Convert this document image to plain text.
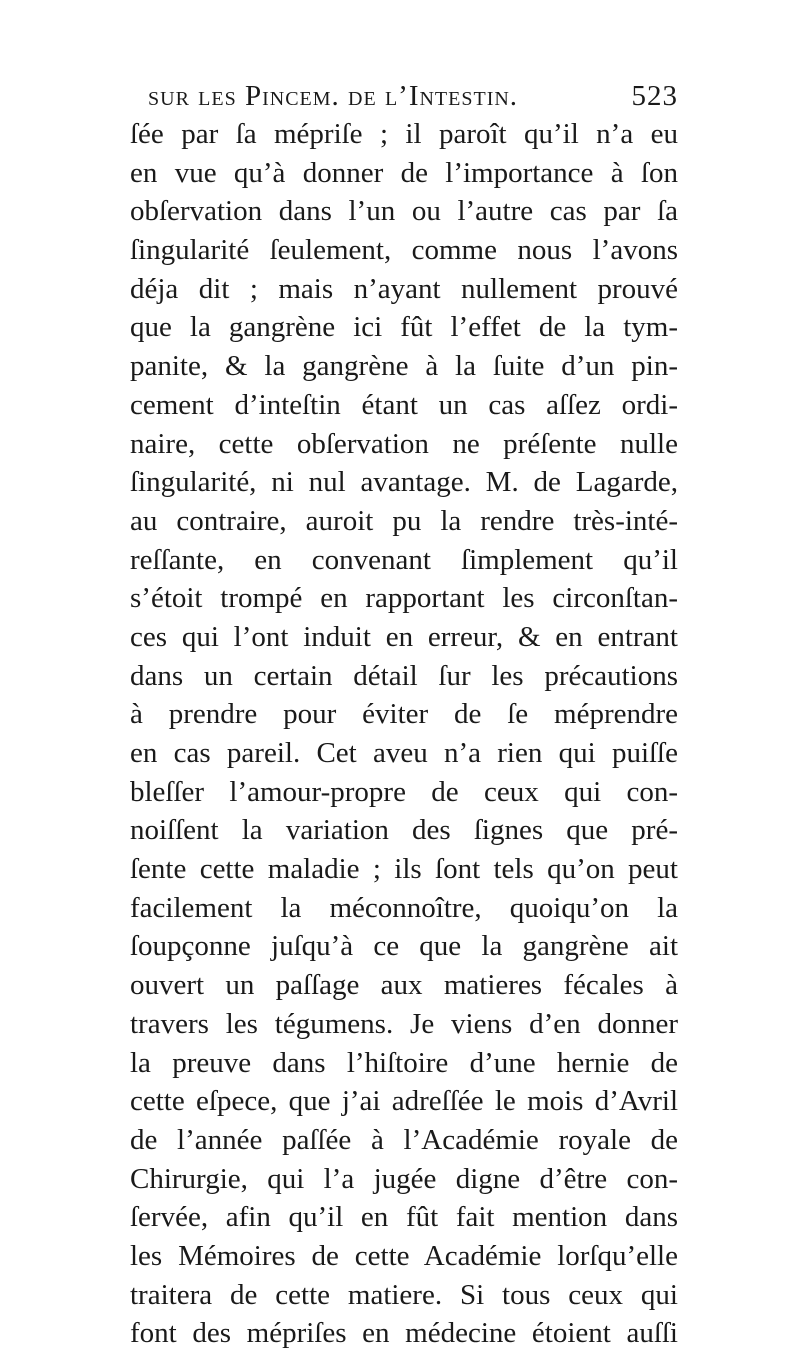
sur les Pincem. de l’Intestin.	523
ſée par ſa mépriſe ; il paroît qu’il n’a eu
en vue qu’à donner de l’importance à ſon
obſervation dans l’un ou l’autre cas par ſa
ſingularité ſeulement, comme nous l’avons
déja dit ; mais n’ayant nullement prouvé
que la gangrène ici fût l’effet de la tym-
panite, & la gangrène à la ſuite d’un pin-
cement d’inteſtin étant un cas aſſez ordi-
naire, cette obſervation ne préſente nulle
ſingularité, ni nul avantage. M. de Lagarde,
au contraire, auroit pu la rendre très-inté-
reſſante, en convenant ſimplement qu’il
s’étoit trompé en rapportant les circonſtan-
ces qui l’ont induit en erreur, & en entrant
dans un certain détail ſur les précautions
à prendre pour éviter de ſe méprendre
en cas pareil. Cet aveu n’a rien qui puiſſe
bleſſer l’amour-propre de ceux qui con-
noiſſent la variation des ſignes que pré-
ſente cette maladie ; ils ſont tels qu’on peut
facilement la méconnoître, quoiqu’on la
ſoupçonne juſqu’à ce que la gangrène ait
ouvert un paſſage aux matieres fécales à
travers les tégumens. Je viens d’en donner
la preuve dans l’hiſtoire d’une hernie de
cette eſpece, que j’ai adreſſée le mois d’Avril
de l’année paſſée à l’Académie royale de
Chirurgie, qui l’a jugée digne d’être con-
ſervée, afin qu’il en fût fait mention dans
les Mémoires de cette Académie lorſqu’elle
traitera de cette matiere. Si tous ceux qui
font des mépriſes en médecine étoient auſſi
